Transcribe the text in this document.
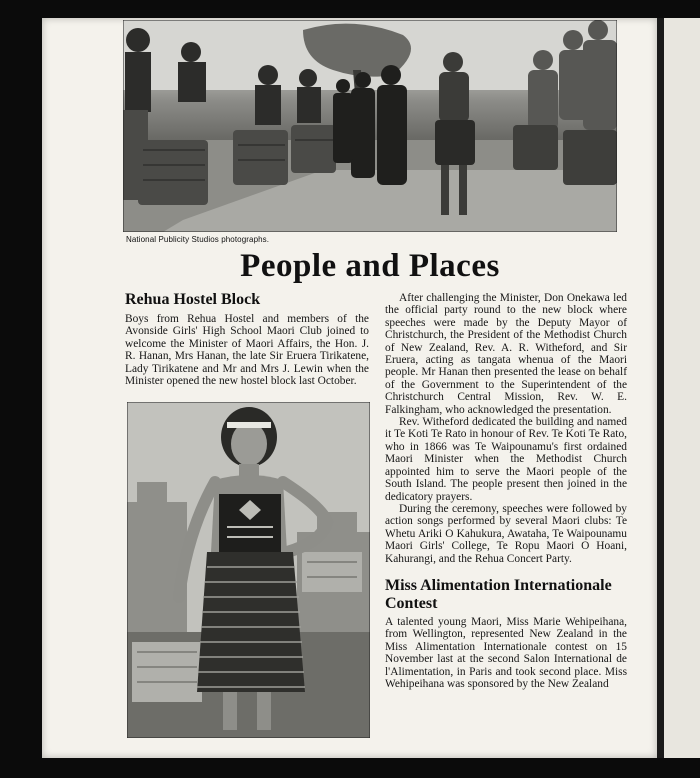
National Publicity Studios photographs.
People and Places
Rehua Hostel Block

Boys from Rehua Hostel and members of the Avonside Girls' High School Maori Club joined to welcome the Minister of Maori Affairs, the Hon. J. R. Hanan, Mrs Hanan, the late Sir Eruera Tirikatene, Lady Tirikatene and Mr and Mrs J. Lewin when the Minister opened the new hostel block last October.

After challenging the Minister, Don Onekawa led the official party round to the new block where speeches were made by the Deputy Mayor of Christchurch, the President of the Methodist Church of New Zealand, Rev. A. R. Witheford, and Sir Eruera, acting as tangata whenua of the Maori people. Mr Hanan then presented the lease on behalf of the Government to the Superintendent of the Christchurch Central Mission, Rev. W. E. Falkingham, who acknowledged the presentation.

Rev. Witheford dedicated the building and named it Te Koti Te Rato in honour of Rev. Te Koti Te Rato, who in 1866 was Te Waipounamu's first ordained Maori Minister when the Methodist Church appointed him to serve the Maori people of the South Island. The people present then joined in the dedicatory prayers.

During the ceremony, speeches were followed by action songs performed by several Maori clubs: Te Whetu Ariki O Kahukura, Awataha, Te Waipounamu Maori Girls' College, Te Ropu Maori O Hoani, Kahurangi, and the Rehua Concert Party.

Miss Alimentation Internationale Contest

A talented young Maori, Miss Marie Wehipeihana, from Wellington, represented New Zealand in the Miss Alimentation Internationale contest on 15 November last at the second Salon International de l'Alimentation, in Paris and took second place. Miss Wehipeihana was sponsored by the New Zealand
